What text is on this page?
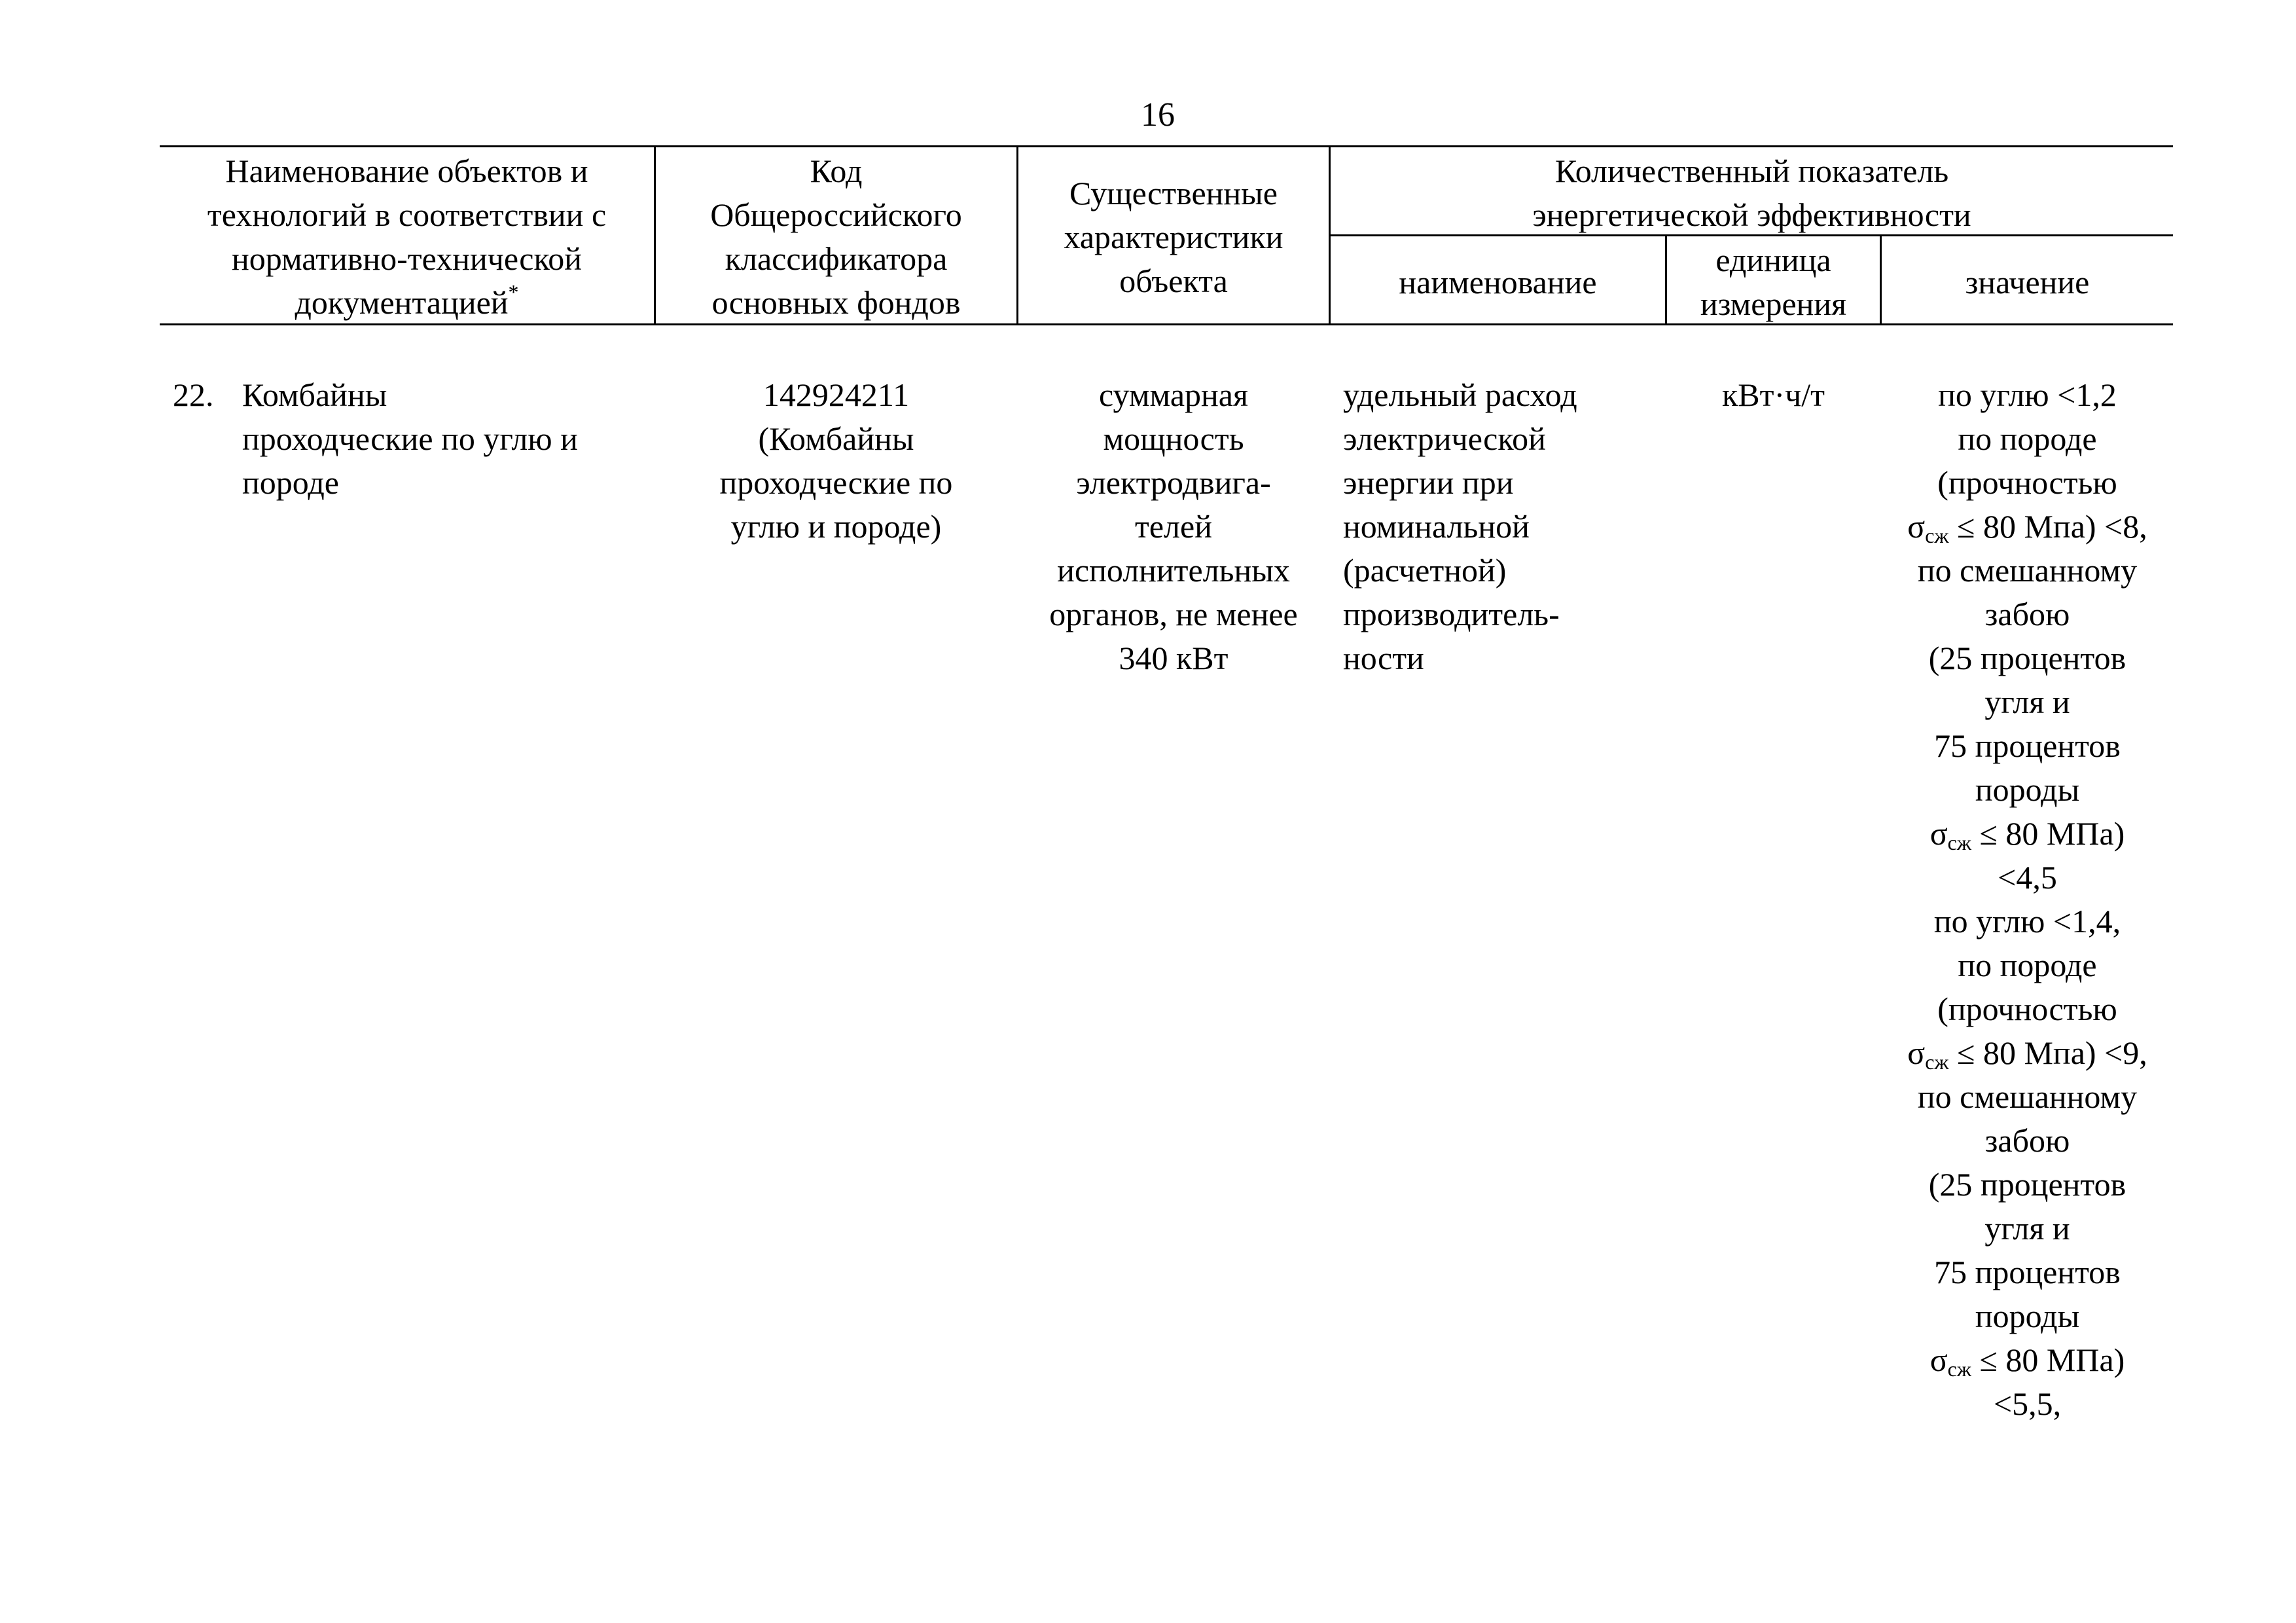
16
Наименование объектов и
технологий в соответствии с
нормативно-технической
документацией*
Код
Общероссийского
классификатора
основных фондов
Существенные
характеристики
объекта
Количественный показатель
энергетической эффективности
наименование
единица
измерения
значение
22. Комбайны
проходческие по углю и
породе
142924211
(Комбайны
проходческие по
углю и породе)
суммарная
мощность
электродвига-
телей
исполнительных
органов, не менее
340 кВт
удельный расход
электрической
энергии при
номинальной
(расчетной)
производитель-
ности
кВт·ч/т	по углю <1,2
по породе
(прочностью
$\sigma_{сж} \le 80$ Мпа) <8,
по смешанному
забою
(25 процентов
угля и
75 процентов
породы
$\sigma_{сж} \le 80$ МПа)
<4,5
по углю <1,4,
по породе
(прочностью
$\sigma_{сж} \le 80$ Мпа) <9,
по смешанному
забою
(25 процентов
угля и
75 процентов
породы
$\sigma_{сж} \le 80$ МПа)
<5,5,
